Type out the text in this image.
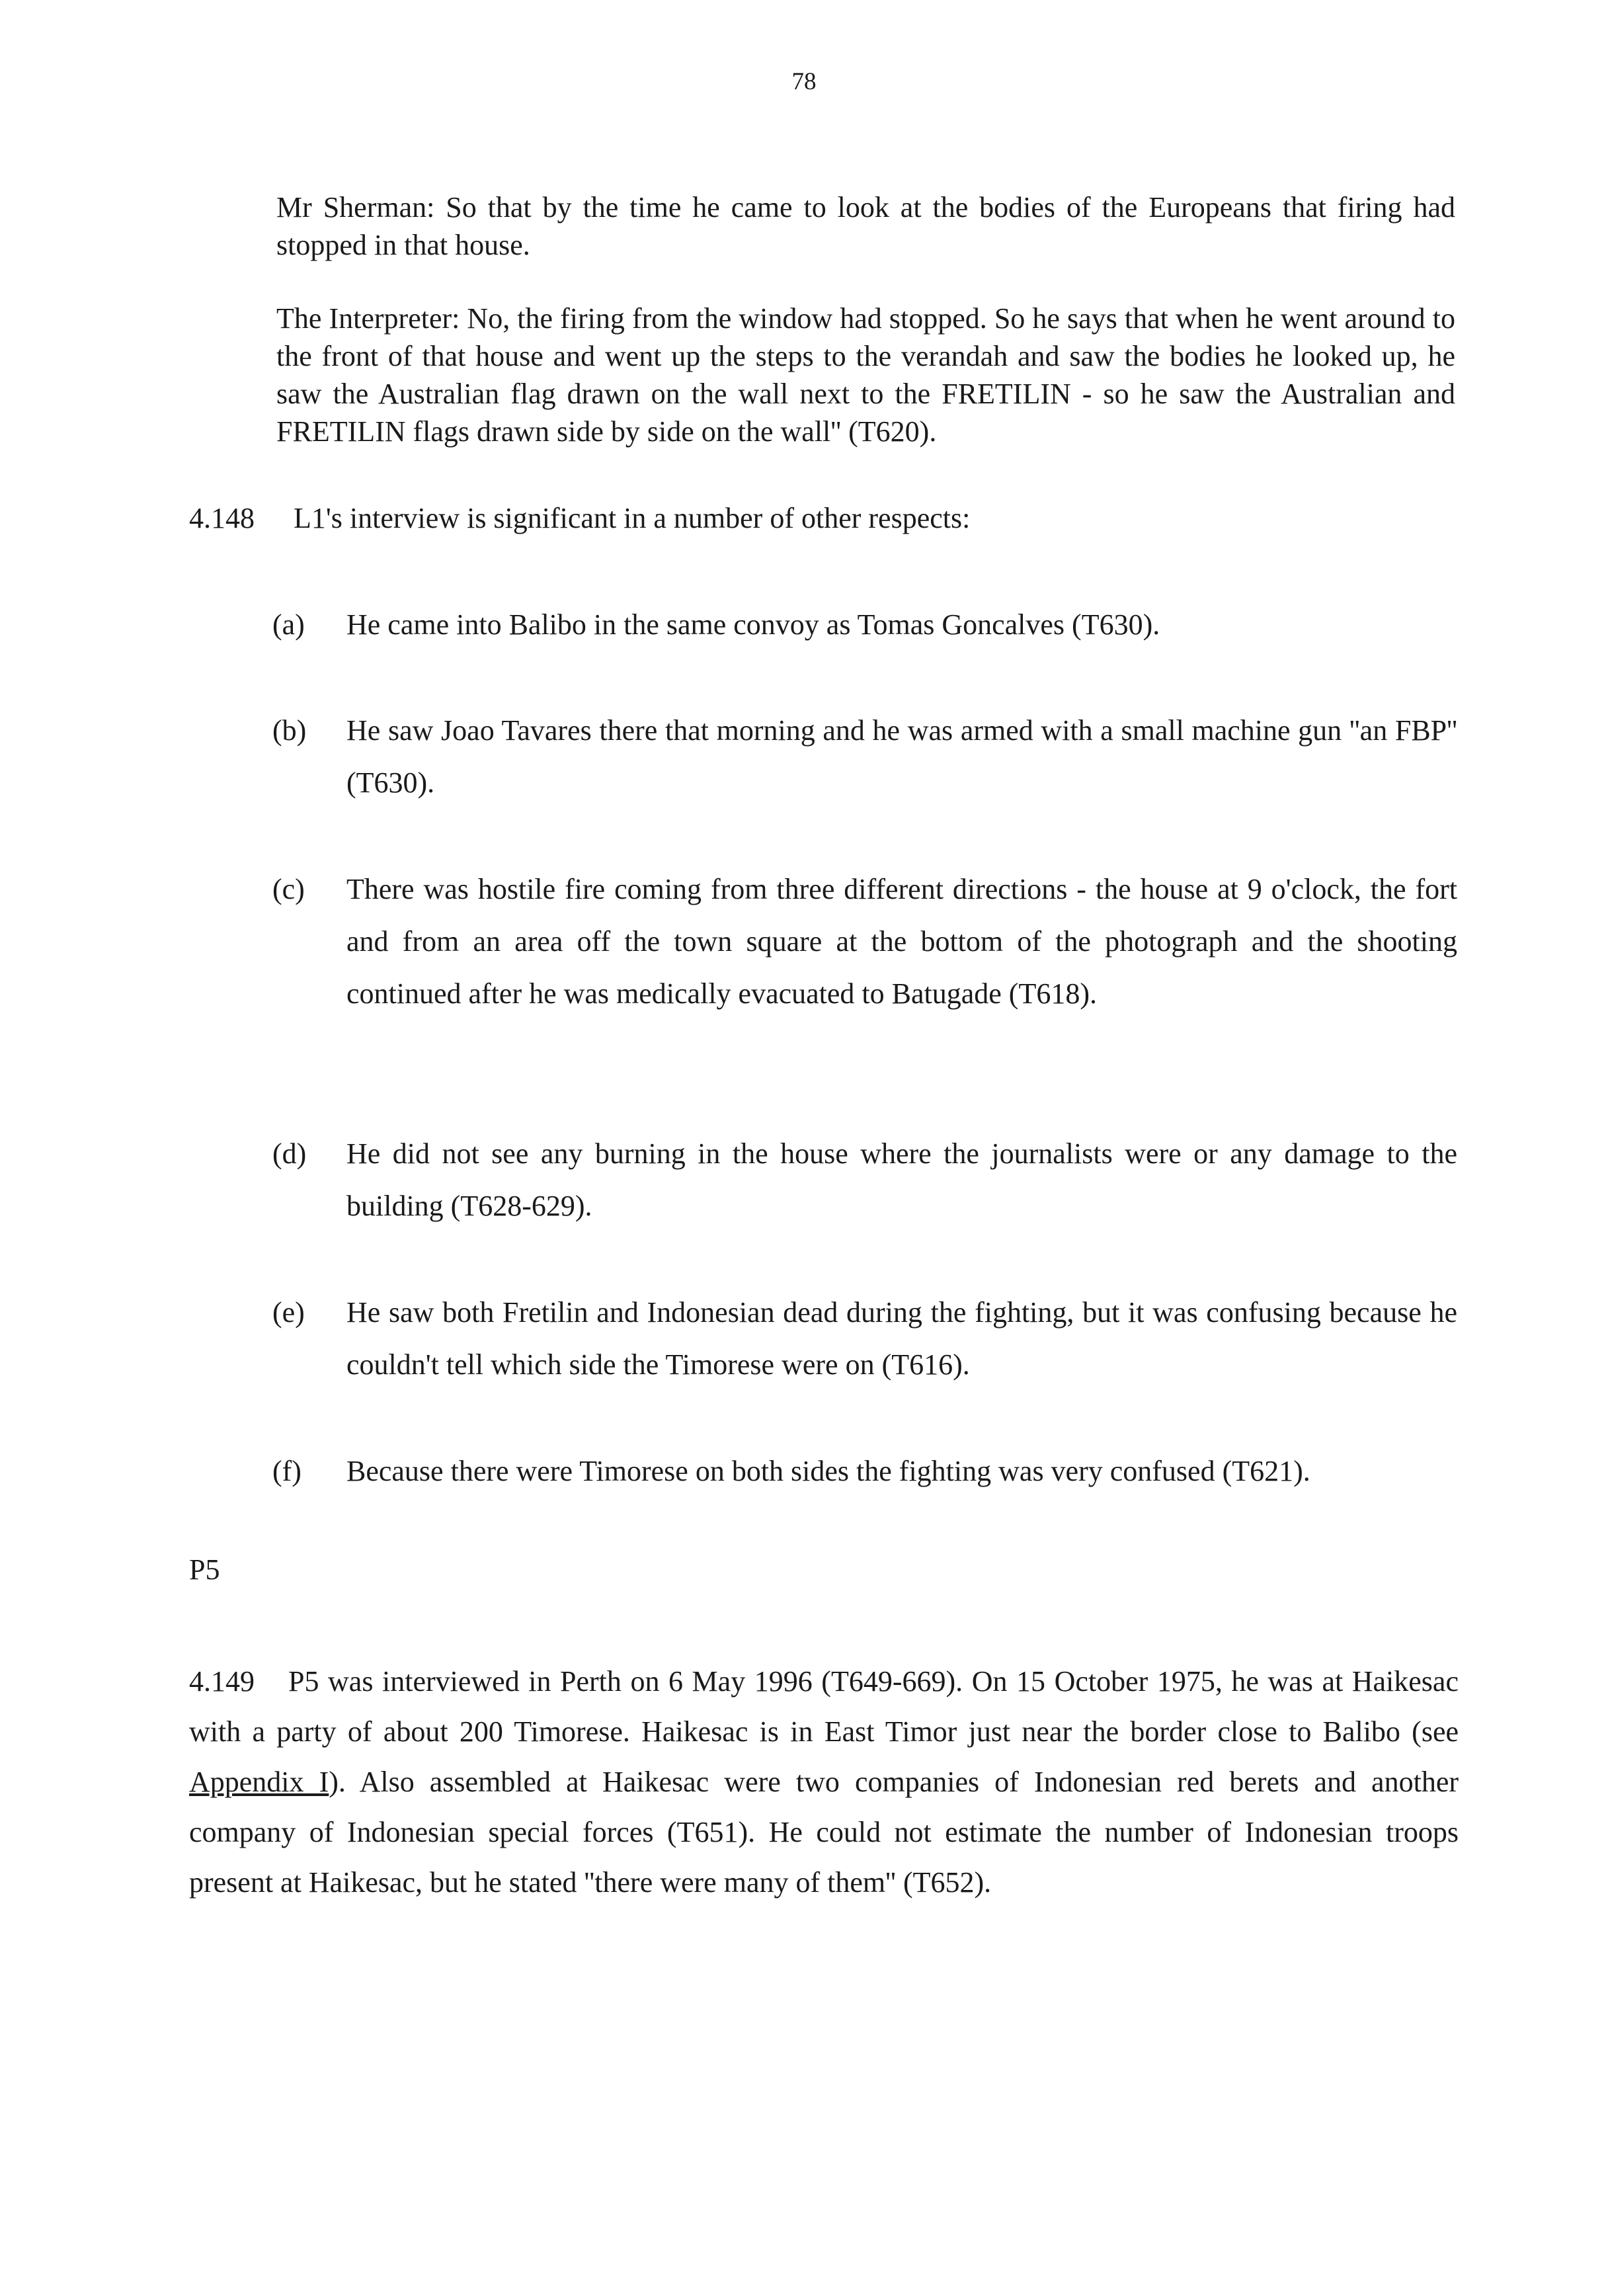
78
Mr Sherman: So that by the time he came to look at the bodies of the Europeans that firing had stopped in that house.
The Interpreter: No, the firing from the window had stopped. So he says that when he went around to the front of that house and went up the steps to the verandah and saw the bodies he looked up, he saw the Australian flag drawn on the wall next to the FRETILIN - so he saw the Australian and FRETILIN flags drawn side by side on the wall'' (T620).
4.148 L1's interview is significant in a number of other respects:
(a) He came into Balibo in the same convoy as Tomas Goncalves (T630).
(b) He saw Joao Tavares there that morning and he was armed with a small machine gun ''an FBP'' (T630).
(c) There was hostile fire coming from three different directions - the house at 9 o'clock, the fort and from an area off the town square at the bottom of the photograph and the shooting continued after he was medically evacuated to Batugade (T618).
(d) He did not see any burning in the house where the journalists were or any damage to the building (T628-629).
(e) He saw both Fretilin and Indonesian dead during the fighting, but it was confusing because he couldn't tell which side the Timorese were on (T616).
(f) Because there were Timorese on both sides the fighting was very confused (T621).
P5
4.149 P5 was interviewed in Perth on 6 May 1996 (T649-669). On 15 October 1975, he was at Haikesac with a party of about 200 Timorese. Haikesac is in East Timor just near the border close to Balibo (see Appendix I). Also assembled at Haikesac were two companies of Indonesian red berets and another company of Indonesian special forces (T651). He could not estimate the number of Indonesian troops present at Haikesac, but he stated ''there were many of them'' (T652).
